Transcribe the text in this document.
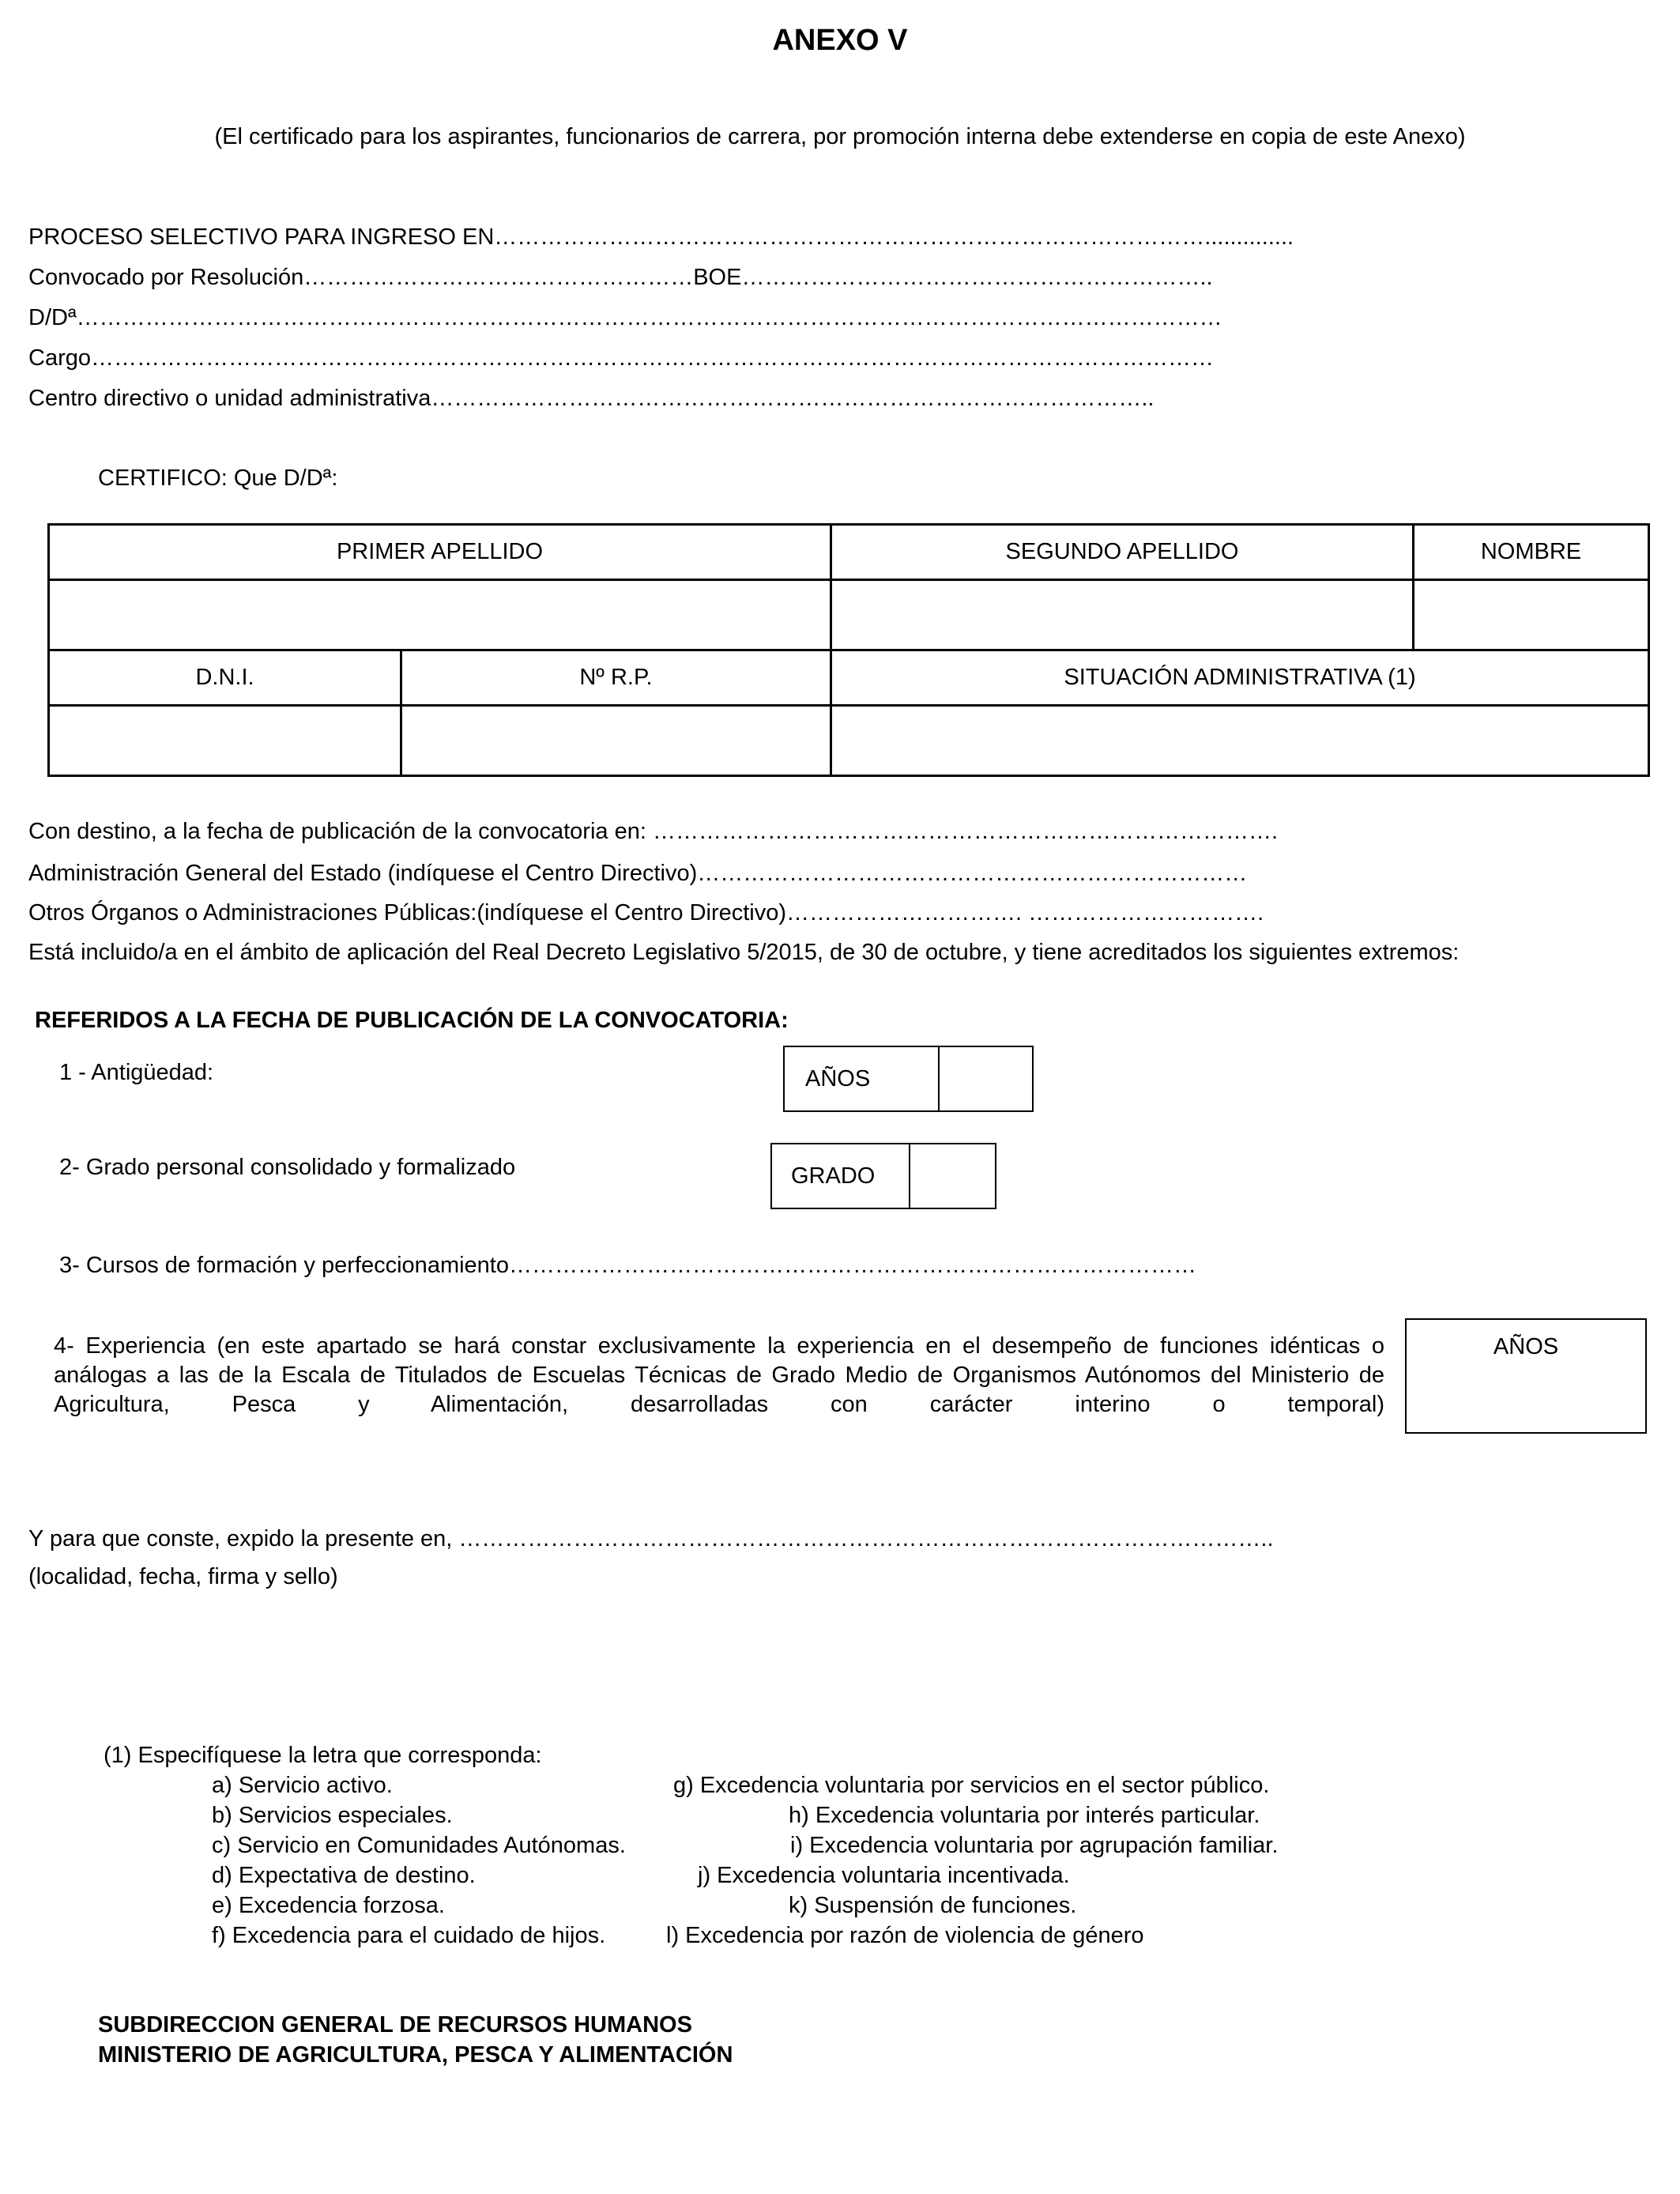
ANEXO V
(El certificado para los aspirantes, funcionarios de carrera, por promoción interna debe extenderse en copia de este Anexo)
PROCESO SELECTIVO PARA INGRESO EN…………………………………………………………………………………..............
Convocado por Resolución……………………………………………BOE……………………………………………………..
D/Dª……………………………………………………………………………………………………………………………………
Cargo…………………………………………………………………………………………………………………………………
Centro directivo o unidad administrativa…………………………………………………………………………………..
CERTIFICO: Que D/Dª:
PRIMER APELLIDO		SEGUNDO APELLIDO	NOMBRE

D.N.I.	Nº R.P.	SITUACIÓN ADMINISTRATIVA (1)	

Con destino, a la fecha de publicación de la convocatoria en: ……………………………………………………………………….
Administración General del Estado (indíquese el Centro Directivo)………………………………………………………………
Otros Órganos o Administraciones Públicas:(indíquese el Centro Directivo)…………………………. ………………………….
Está incluido/a en el ámbito de aplicación del Real Decreto Legislativo 5/2015, de 30 de octubre, y tiene acreditados los siguientes extremos:
REFERIDOS A LA FECHA DE PUBLICACIÓN DE LA CONVOCATORIA:
1 - Antigüedad:	AÑOS
2- Grado personal consolidado y formalizado	GRADO
3- Cursos de formación y perfeccionamiento………………………………………………………………………………
4- Experiencia (en este apartado se hará constar exclusivamente la experiencia en el desempeño de funciones idénticas o análogas a las de la Escala de Titulados de Escuelas Técnicas de Grado Medio de Organismos Autónomos del Ministerio de Agricultura, Pesca y Alimentación, desarrolladas con carácter interino o temporal)
AÑOS
Y para que conste, expido la presente en, ……………………………………………………………………………………………..
(localidad, fecha, firma y sello)
(1) Especifíquese la letra que corresponda:
a) Servicio activo.
b) Servicios especiales.
c) Servicio en Comunidades Autónomas.
d) Expectativa de destino.
e) Excedencia forzosa.
f) Excedencia para el cuidado de hijos.
g) Excedencia voluntaria por servicios en el sector público.
h) Excedencia voluntaria por interés particular.
i) Excedencia voluntaria por agrupación familiar.
j) Excedencia voluntaria incentivada.
k) Suspensión de funciones.
l) Excedencia por razón de violencia de género
SUBDIRECCION GENERAL DE RECURSOS HUMANOS
MINISTERIO DE AGRICULTURA, PESCA Y ALIMENTACIÓN
